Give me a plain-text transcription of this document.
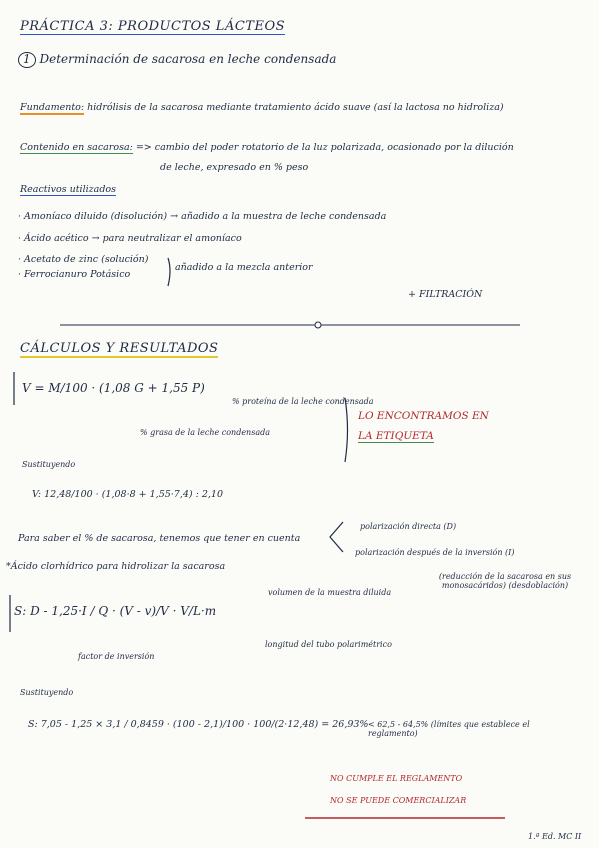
PRÁCTICA 3: PRODUCTOS LÁCTEOS
1 Determinación de sacarosa en leche condensada
Fundamento: hidrólisis de la sacarosa mediante tratamiento ácido suave (así la lactosa no hidroliza)
Contenido en sacarosa: => cambio del poder rotatorio de la luz polarizada, ocasionado por la dilución
de leche, expresado en % peso
Reactivos utilizados
· Amoníaco diluido (disolución) → añadido a la muestra de leche condensada
· Ácido acético → para neutralizar el amoníaco
· Acetato de zinc (solución)
· Ferrocianuro Potásico
añadido a la mezcla anterior
+ FILTRACIÓN
CÁLCULOS Y RESULTADOS
V = M/100 · (1,08 G + 1,55 P)
% proteína de la leche condensada
% grasa de la leche condensada
LO ENCONTRAMOS EN
LA ETIQUETA
Sustituyendo
V: 12,48/100 · (1,08·8 + 1,55·7,4) : 2,10
Para saber el % de sacarosa, tenemos que tener en cuenta
polarización directa (D)
polarización después de la inversión (I)
*Ácido clorhídrico para hidrolizar la sacarosa
(reducción de la sacarosa en sus monosacáridos) (desdoblación)
volumen de la muestra diluida
S: D - 1,25·I / Q · (V - v)/V · V/L·m
factor de inversión
longitud del tubo polarimétrico
Sustituyendo
S: 7,05 - 1,25 × 3,1 / 0,8459 · (100 - 2,1)/100 · 100/(2·12,48) = 26,93% < 62,5 - 64,5% (límites que establece el reglamento)
NO CUMPLE EL REGLAMENTO
NO SE PUEDE COMERCIALIZAR
1.ª Ed. MC II
